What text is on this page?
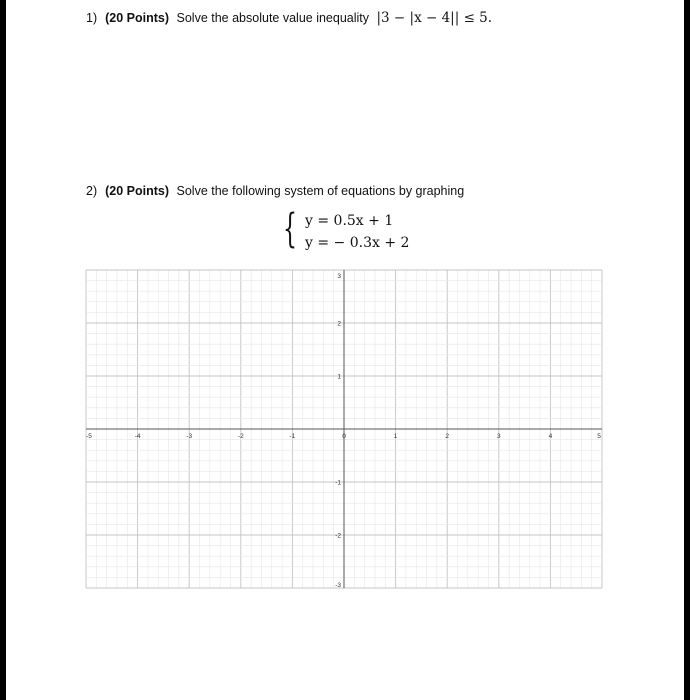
1) (20 Points) Solve the absolute value inequality |3 − |x − 4|| ≤ 5.
2) (20 Points) Solve the following system of equations by graphing
{ y = 0.5x + 1
y = − 0.3x + 2
-5	-4	-3	-2	-1	0	1	2	3	4	5
3
2
1
-1
-2
-3
